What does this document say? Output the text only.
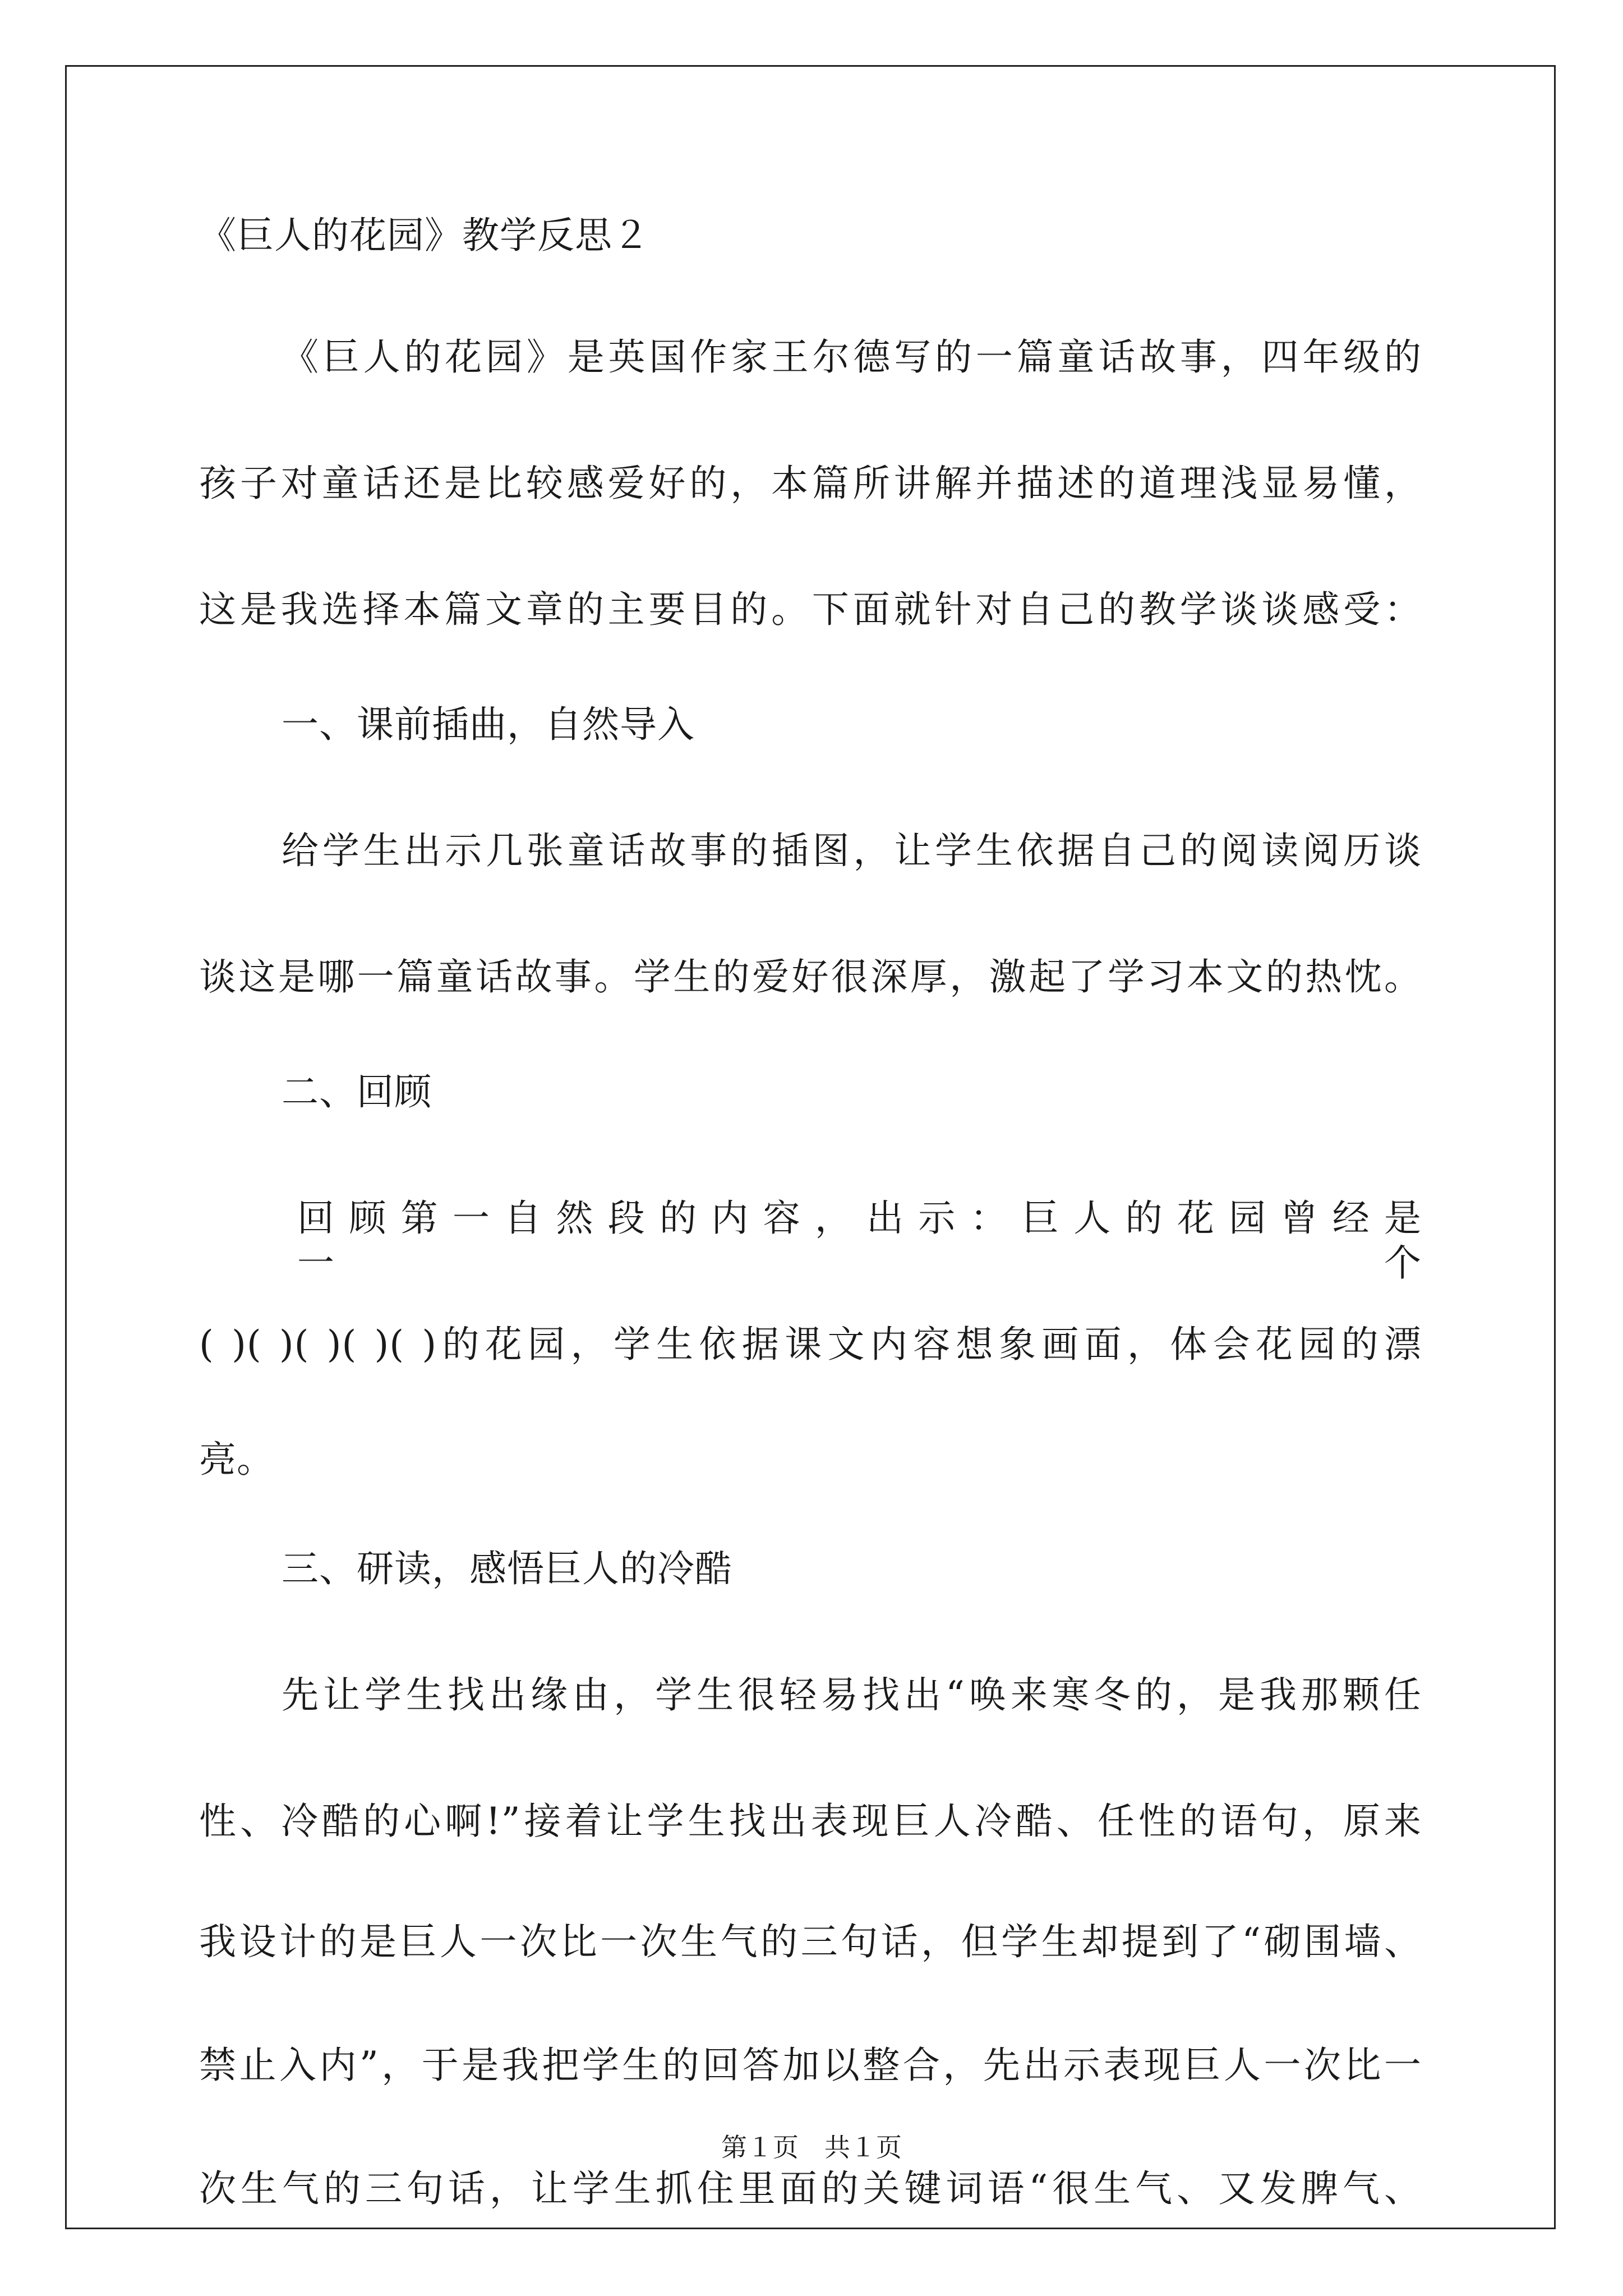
《巨人的花园》教学反思２
《巨人的花园》是英国作家王尔德写的一篇童话故事，四年级的
孩子对童话还是比较感爱好的，本篇所讲解并描述的道理浅显易懂，
这是我选择本篇文章的主要目的。下面就针对自己的教学谈谈感受：
一、课前插曲，自然导入
给学生出示几张童话故事的插图，让学生依据自己的阅读阅历谈
谈这是哪一篇童话故事。学生的爱好很深厚，激起了学习本文的热忱。
二、回顾
回 顾 第 一 自 然 段 的 内 容 ， 出 示 ： 巨 人 的 花 园 曾 经 是 一 个
( )( )( )( )( )的花园，学生依据课文内容想象画面，体会花园的漂
亮。
三、研读，感悟巨人的冷酷
先让学生找出缘由，学生很轻易找出“唤来寒冬的，是我那颗任
性、冷酷的心啊!”接着让学生找出表现巨人冷酷、任性的语句，原来
我设计的是巨人一次比一次生气的三句话，但学生却提到了“砌围墙、
禁止入内”，于是我把学生的回答加以整合，先出示表现巨人一次比一
次生气的三句话，让学生抓住里面的关键词语“很生气、又发脾气、
第１页　共１页
